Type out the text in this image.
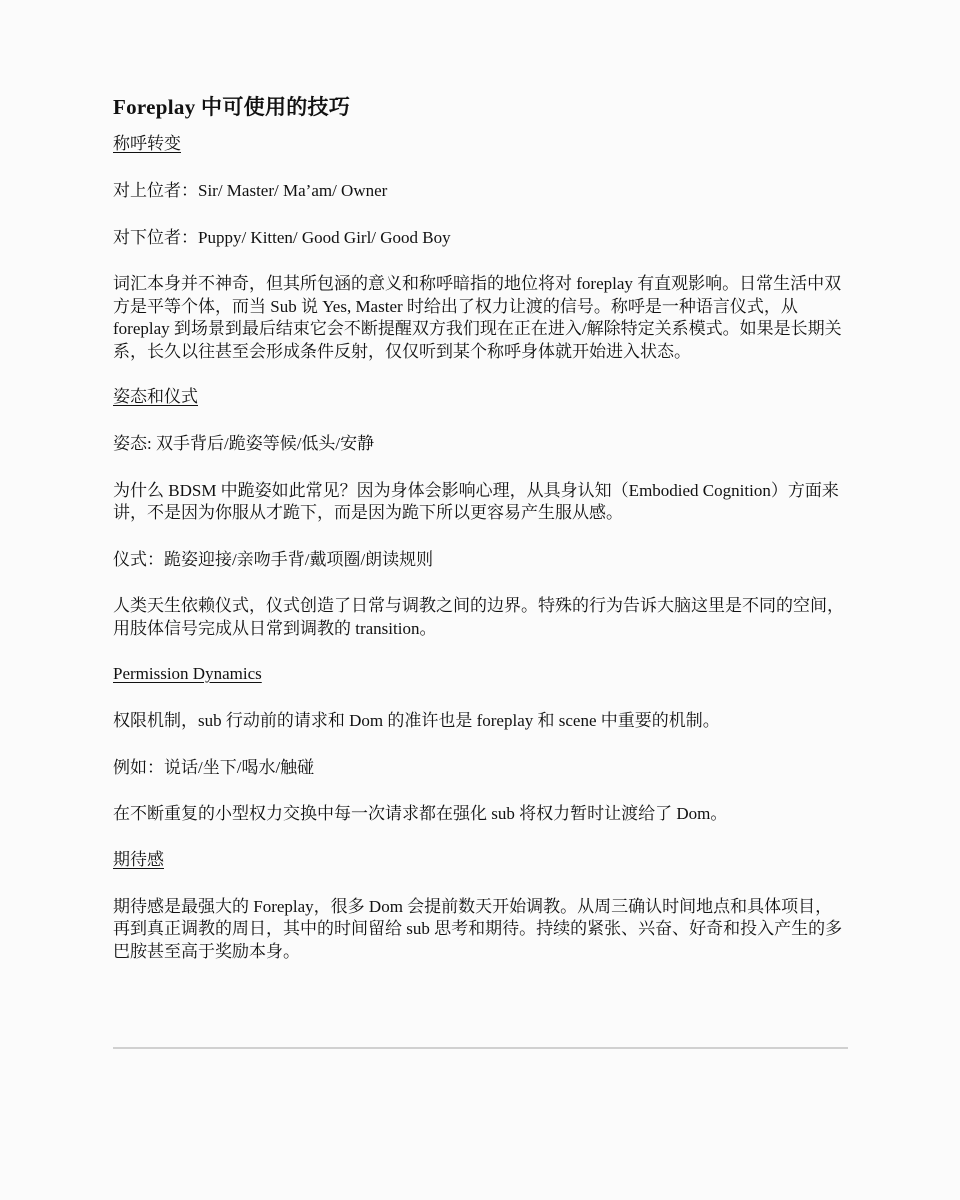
Foreplay 中可使用的技巧
称呼转变

对上位者：Sir/ Master/ Ma’am/ Owner

对下位者：Puppy/ Kitten/ Good Girl/ Good Boy

词汇本身并不神奇，但其所包涵的意义和称呼暗指的地位将对 foreplay 有直观影响。日常生活中双方是平等个体，而当 Sub 说 Yes, Master 时给出了权力让渡的信号。称呼是一种语言仪式，从 foreplay 到场景到最后结束它会不断提醒双方我们现在正在进入/解除特定关系模式。如果是长期关系，长久以往甚至会形成条件反射，仅仅听到某个称呼身体就开始进入状态。

姿态和仪式

姿态: 双手背后/跪姿等候/低头/安静

为什么 BDSM 中跪姿如此常见？因为身体会影响心理，从具身认知（Embodied Cognition）方面来讲，不是因为你服从才跪下，而是因为跪下所以更容易产生服从感。

仪式：跪姿迎接/亲吻手背/戴项圈/朗读规则

人类天生依赖仪式，仪式创造了日常与调教之间的边界。特殊的行为告诉大脑这里是不同的空间，用肢体信号完成从日常到调教的 transition。

Permission Dynamics

权限机制，sub 行动前的请求和 Dom 的准许也是 foreplay 和 scene 中重要的机制。

例如：说话/坐下/喝水/触碰

在不断重复的小型权力交换中每一次请求都在强化 sub 将权力暂时让渡给了 Dom。

期待感

期待感是最强大的 Foreplay，很多 Dom 会提前数天开始调教。从周三确认时间地点和具体项目，再到真正调教的周日，其中的时间留给 sub 思考和期待。持续的紧张、兴奋、好奇和投入产生的多巴胺甚至高于奖励本身。
